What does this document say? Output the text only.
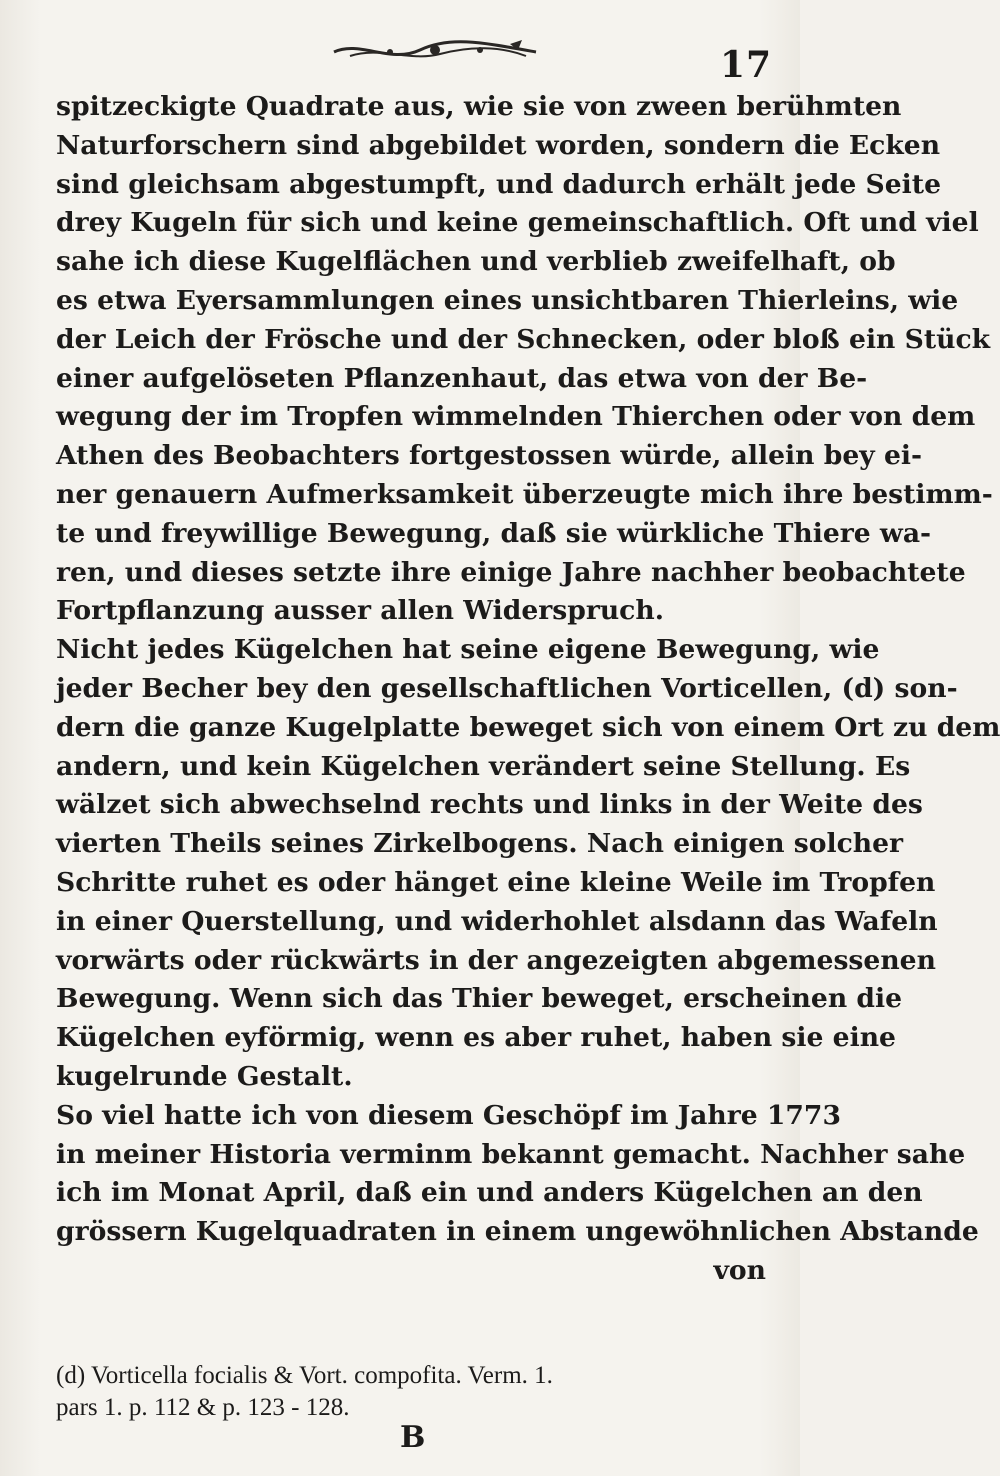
17
spitzeckigte Quadrate aus, wie sie von zween berühmten
Naturforschern sind abgebildet worden, sondern die Ecken
sind gleichsam abgestumpft, und dadurch erhält jede Seite
drey Kugeln für sich und keine gemeinschaftlich. Oft und viel
sahe ich diese Kugelflächen und verblieb zweifelhaft, ob
es etwa Eyersammlungen eines unsichtbaren Thierleins, wie
der Leich der Frösche und der Schnecken, oder bloß ein Stück
einer aufgelöseten Pflanzenhaut, das etwa von der Be-
wegung der im Tropfen wimmelnden Thierchen oder von dem
Athen des Beobachters fortgestossen würde, allein bey ei-
ner genauern Aufmerksamkeit überzeugte mich ihre bestimm-
te und freywillige Bewegung, daß sie würkliche Thiere wa-
ren, und dieses setzte ihre einige Jahre nachher beobachtete
Fortpflanzung ausser allen Widerspruch.
Nicht jedes Kügelchen hat seine eigene Bewegung, wie
jeder Becher bey den gesellschaftlichen Vorticellen, (d) son-
dern die ganze Kugelplatte beweget sich von einem Ort zu dem
andern, und kein Kügelchen verändert seine Stellung. Es
wälzet sich abwechselnd rechts und links in der Weite des
vierten Theils seines Zirkelbogens. Nach einigen solcher
Schritte ruhet es oder hänget eine kleine Weile im Tropfen
in einer Querstellung, und widerhohlet alsdann das Wafeln
vorwärts oder rückwärts in der angezeigten abgemessenen
Bewegung. Wenn sich das Thier beweget, erscheinen die
Kügelchen eyförmig, wenn es aber ruhet, haben sie eine
kugelrunde Gestalt.
So viel hatte ich von diesem Geschöpf im Jahre 1773
in meiner Historia verminm bekannt gemacht. Nachher sahe
ich im Monat April, daß ein und anders Kügelchen an den
grössern Kugelquadraten in einem ungewöhnlichen Abstande
von
(d) Vorticella focialis & Vort. compofita. Verm. 1.
pars 1. p. 112 & p. 123 - 128.
B
